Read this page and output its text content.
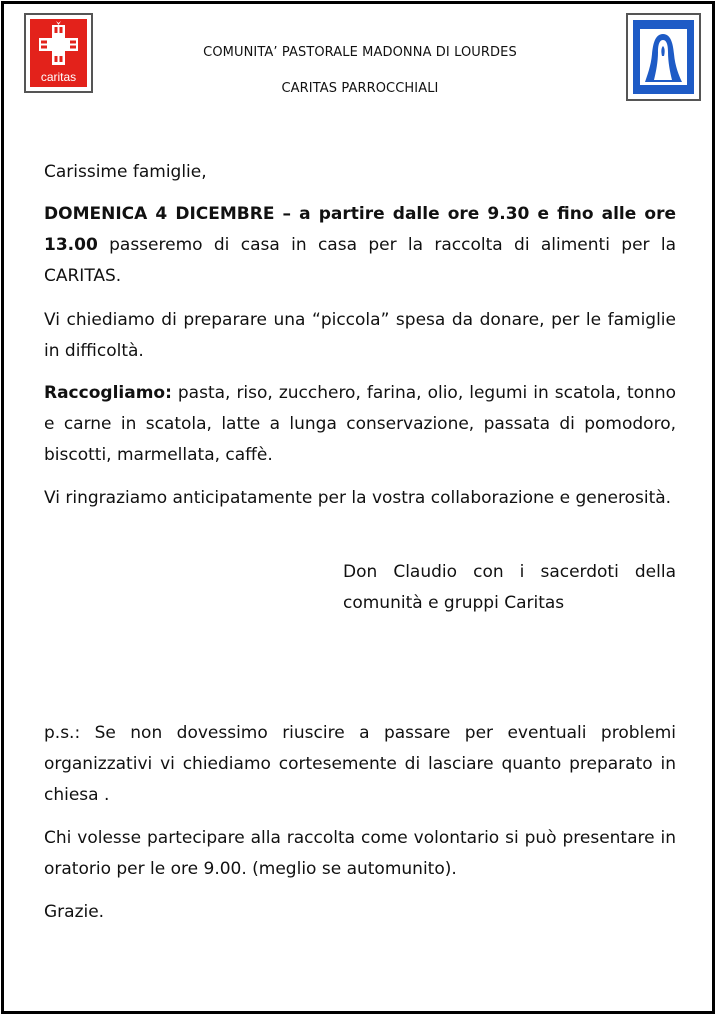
caritas
COMUNITA’ PASTORALE MADONNA DI LOURDES
CARITAS PARROCCHIALI
Carissime famiglie,
DOMENICA 4 DICEMBRE – a partire dalle ore 9.30 e fino alle ore 13.00 passeremo di casa in casa per la raccolta di alimenti per la CARITAS.
Vi chiediamo di preparare una “piccola” spesa da donare, per le famiglie in difficoltà.
Raccogliamo: pasta, riso, zucchero, farina, olio, legumi in scatola, tonno e carne in scatola, latte a lunga conservazione, passata di pomodoro, biscotti, marmellata, caffè.
Vi ringraziamo anticipatamente per la vostra collaborazione e generosità.
Don Claudio con i sacerdoti della comunità e gruppi Caritas
p.s.: Se non dovessimo riuscire a passare per eventuali problemi organizzativi vi chiediamo cortesemente di lasciare quanto preparato in chiesa .
Chi volesse partecipare alla raccolta come volontario si può presentare in oratorio per le ore 9.00. (meglio se automunito).
Grazie.
